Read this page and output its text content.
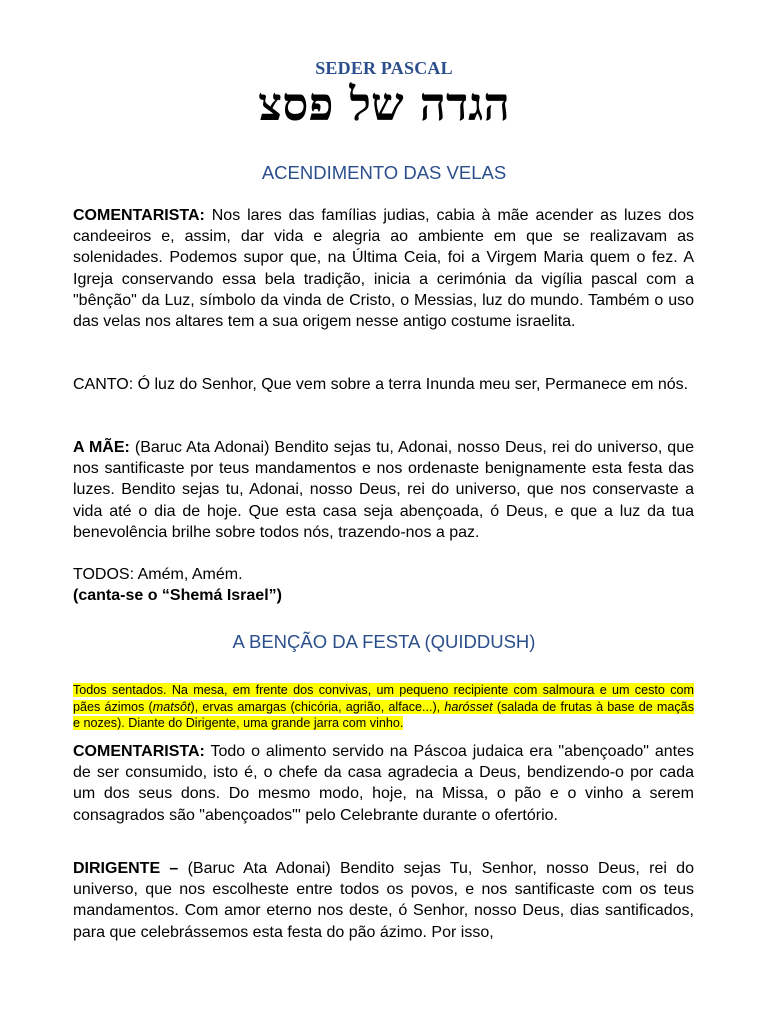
SEDER PASCAL
הגדה של פסצ
ACENDIMENTO DAS VELAS

COMENTARISTA: Nos lares das famílias judias, cabia à mãe acender as luzes dos candeeiros e, assim, dar vida e alegria ao ambiente em que se realizavam as solenidades. Podemos supor que, na Última Ceia, foi a Virgem Maria quem o fez. A Igreja conservando essa bela tradição, inicia a cerimónia da vigília pascal com a "bênção" da Luz, símbolo da vinda de Cristo, o Messias, luz do mundo. Também o uso das velas nos altares tem a sua origem nesse antigo costume israelita.

CANTO: Ó luz do Senhor, Que vem sobre a terra Inunda meu ser, Permanece em nós.

A MÃE: (Baruc Ata Adonai) Bendito sejas tu, Adonai, nosso Deus, rei do universo, que nos santificaste por teus mandamentos e nos ordenaste benignamente esta festa das luzes. Bendito sejas tu, Adonai, nosso Deus, rei do universo, que nos conservaste a vida até o dia de hoje. Que esta casa seja abençoada, ó Deus, e que a luz da tua benevolência brilhe sobre todos nós, trazendo-nos a paz.

TODOS: Amém, Amém.

(canta-se o “Shemá Israel”)

A BENÇÃO DA FESTA (QUIDDUSH)
Todos sentados. Na mesa, em frente dos convivas, um pequeno recipiente com salmoura e um cesto com pães ázimos (matsôt), ervas amargas (chicória, agrião, alface...), harósset (salada de frutas à base de maçãs e nozes). Diante do Dirigente, uma grande jarra com vinho.

COMENTARISTA: Todo o alimento servido na Páscoa judaica era "abençoado" antes de ser consumido, isto é, o chefe da casa agradecia a Deus, bendizendo-o por cada um dos seus dons. Do mesmo modo, hoje, na Missa, o pão e o vinho a serem consagrados são "abençoados"' pelo Celebrante durante o ofertório.

DIRIGENTE – (Baruc Ata Adonai) Bendito sejas Tu, Senhor, nosso Deus, rei do universo, que nos escolheste entre todos os povos, e nos santificaste com os teus mandamentos. Com amor eterno nos deste, ó Senhor, nosso Deus, dias santificados, para que celebrássemos esta festa do pão ázimo. Por isso,
